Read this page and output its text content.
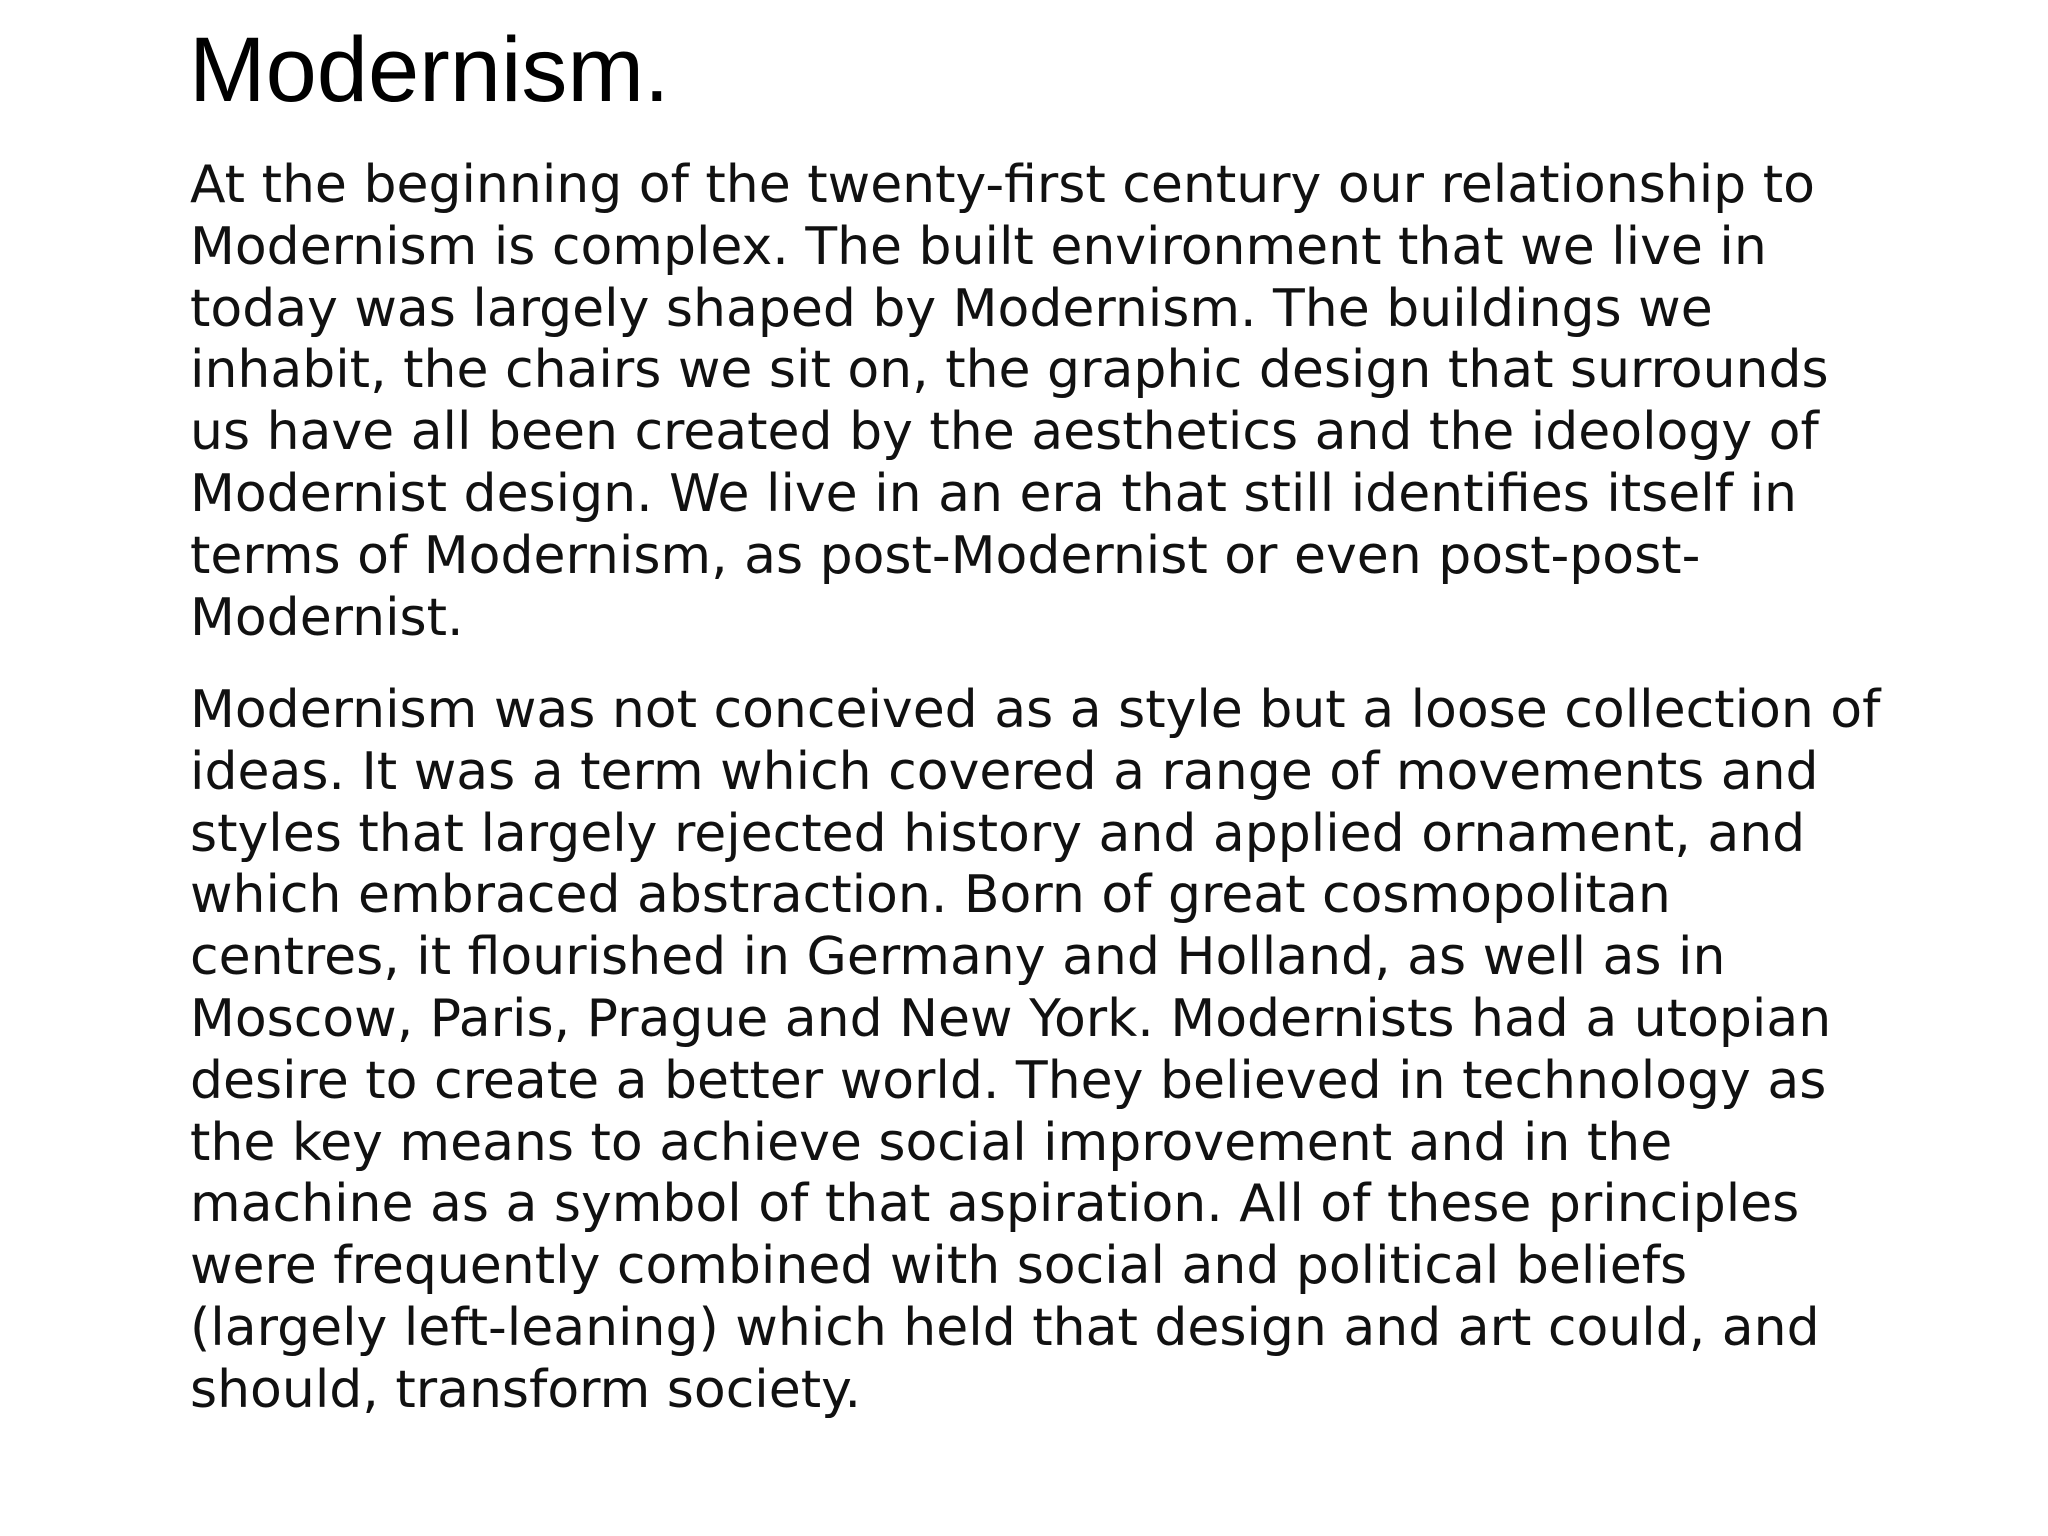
Modernism.

At the beginning of the twenty-first century our relationship to
Modernism is complex. The built environment that we live in
today was largely shaped by Modernism. The buildings we
inhabit, the chairs we sit on, the graphic design that surrounds
us have all been created by the aesthetics and the ideology of
Modernist design. We live in an era that still identifies itself in
terms of Modernism, as post-Modernist or even post-post-
Modernist.

Modernism was not conceived as a style but a loose collection of
ideas. It was a term which covered a range of movements and
styles that largely rejected history and applied ornament, and
which embraced abstraction. Born of great cosmopolitan
centres, it flourished in Germany and Holland, as well as in
Moscow, Paris, Prague and New York. Modernists had a utopian
desire to create a better world. They believed in technology as
the key means to achieve social improvement and in the
machine as a symbol of that aspiration. All of these principles
were frequently combined with social and political beliefs
(largely left-leaning) which held that design and art could, and
should, transform society.
